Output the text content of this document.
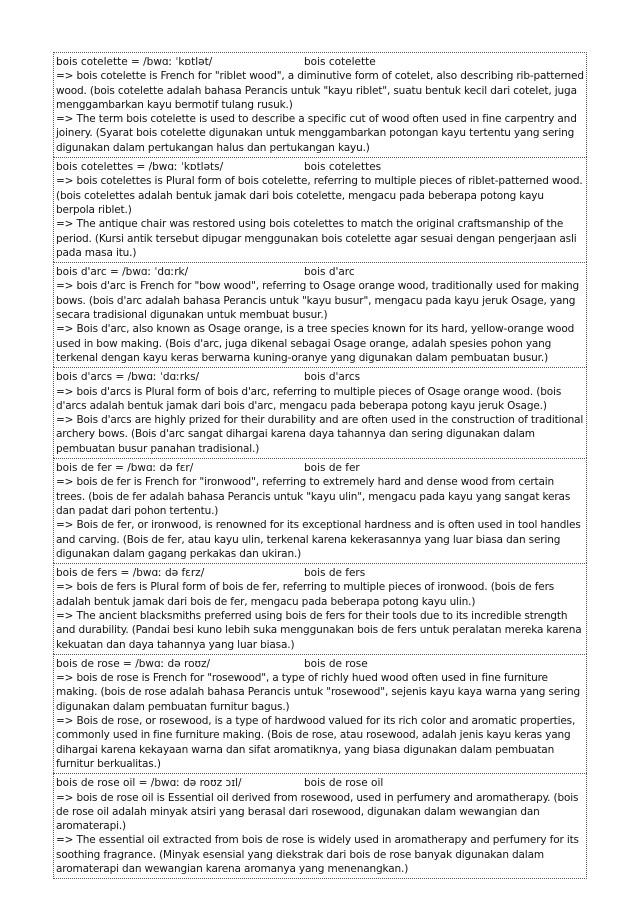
bois cotelette = /bwɑː ˈkɒtlət/	bois cotelette
=> bois cotelette is French for "riblet wood", a diminutive form of cotelet, also describing rib-patterned wood. (bois cotelette adalah bahasa Perancis untuk "kayu riblet", suatu bentuk kecil dari cotelet, juga menggambarkan kayu bermotif tulang rusuk.)
=> The term bois cotelette is used to describe a specific cut of wood often used in fine carpentry and joinery. (Syarat bois cotelette digunakan untuk menggambarkan potongan kayu tertentu yang sering digunakan dalam pertukangan halus dan pertukangan kayu.)
bois cotelettes = /bwɑː ˈkɒtləts/	bois cotelettes
=> bois cotelettes is Plural form of bois cotelette, referring to multiple pieces of riblet-patterned wood. (bois cotelettes adalah bentuk jamak dari bois cotelette, mengacu pada beberapa potong kayu berpola riblet.)
=> The antique chair was restored using bois cotelettes to match the original craftsmanship of the period. (Kursi antik tersebut dipugar menggunakan bois cotelette agar sesuai dengan pengerjaan asli pada masa itu.)
bois d'arc = /bwɑː ˈdɑːrk/	bois d'arc
=> bois d'arc is French for "bow wood", referring to Osage orange wood, traditionally used for making bows. (bois d'arc adalah bahasa Perancis untuk "kayu busur", mengacu pada kayu jeruk Osage, yang secara tradisional digunakan untuk membuat busur.)
=> Bois d'arc, also known as Osage orange, is a tree species known for its hard, yellow-orange wood used in bow making. (Bois d'arc, juga dikenal sebagai Osage orange, adalah spesies pohon yang terkenal dengan kayu keras berwarna kuning-oranye yang digunakan dalam pembuatan busur.)
bois d'arcs = /bwɑː ˈdɑːrks/	bois d'arcs
=> bois d'arcs is Plural form of bois d'arc, referring to multiple pieces of Osage orange wood. (bois d'arcs adalah bentuk jamak dari bois d'arc, mengacu pada beberapa potong kayu jeruk Osage.)
=> Bois d'arcs are highly prized for their durability and are often used in the construction of traditional archery bows. (Bois d'arc sangat dihargai karena daya tahannya dan sering digunakan dalam pembuatan busur panahan tradisional.)
bois de fer = /bwɑː də fɛr/	bois de fer
=> bois de fer is French for "ironwood", referring to extremely hard and dense wood from certain trees. (bois de fer adalah bahasa Perancis untuk "kayu ulin", mengacu pada kayu yang sangat keras dan padat dari pohon tertentu.)
=> Bois de fer, or ironwood, is renowned for its exceptional hardness and is often used in tool handles and carving. (Bois de fer, atau kayu ulin, terkenal karena kekerasannya yang luar biasa dan sering digunakan dalam gagang perkakas dan ukiran.)
bois de fers = /bwɑː də fɛrz/	bois de fers
=> bois de fers is Plural form of bois de fer, referring to multiple pieces of ironwood. (bois de fers adalah bentuk jamak dari bois de fer, mengacu pada beberapa potong kayu ulin.)
=> The ancient blacksmiths preferred using bois de fers for their tools due to its incredible strength and durability. (Pandai besi kuno lebih suka menggunakan bois de fers untuk peralatan mereka karena kekuatan dan daya tahannya yang luar biasa.)
bois de rose = /bwɑː də roʊz/	bois de rose
=> bois de rose is French for "rosewood", a type of richly hued wood often used in fine furniture making. (bois de rose adalah bahasa Perancis untuk "rosewood", sejenis kayu kaya warna yang sering digunakan dalam pembuatan furnitur bagus.)
=> Bois de rose, or rosewood, is a type of hardwood valued for its rich color and aromatic properties, commonly used in fine furniture making. (Bois de rose, atau rosewood, adalah jenis kayu keras yang dihargai karena kekayaan warna dan sifat aromatiknya, yang biasa digunakan dalam pembuatan furnitur berkualitas.)
bois de rose oil = /bwɑː də roʊz ɔɪl/	bois de rose oil
=> bois de rose oil is Essential oil derived from rosewood, used in perfumery and aromatherapy. (bois de rose oil adalah minyak atsiri yang berasal dari rosewood, digunakan dalam wewangian dan aromaterapi.)
=> The essential oil extracted from bois de rose is widely used in aromatherapy and perfumery for its soothing fragrance. (Minyak esensial yang diekstrak dari bois de rose banyak digunakan dalam aromaterapi dan wewangian karena aromanya yang menenangkan.)
